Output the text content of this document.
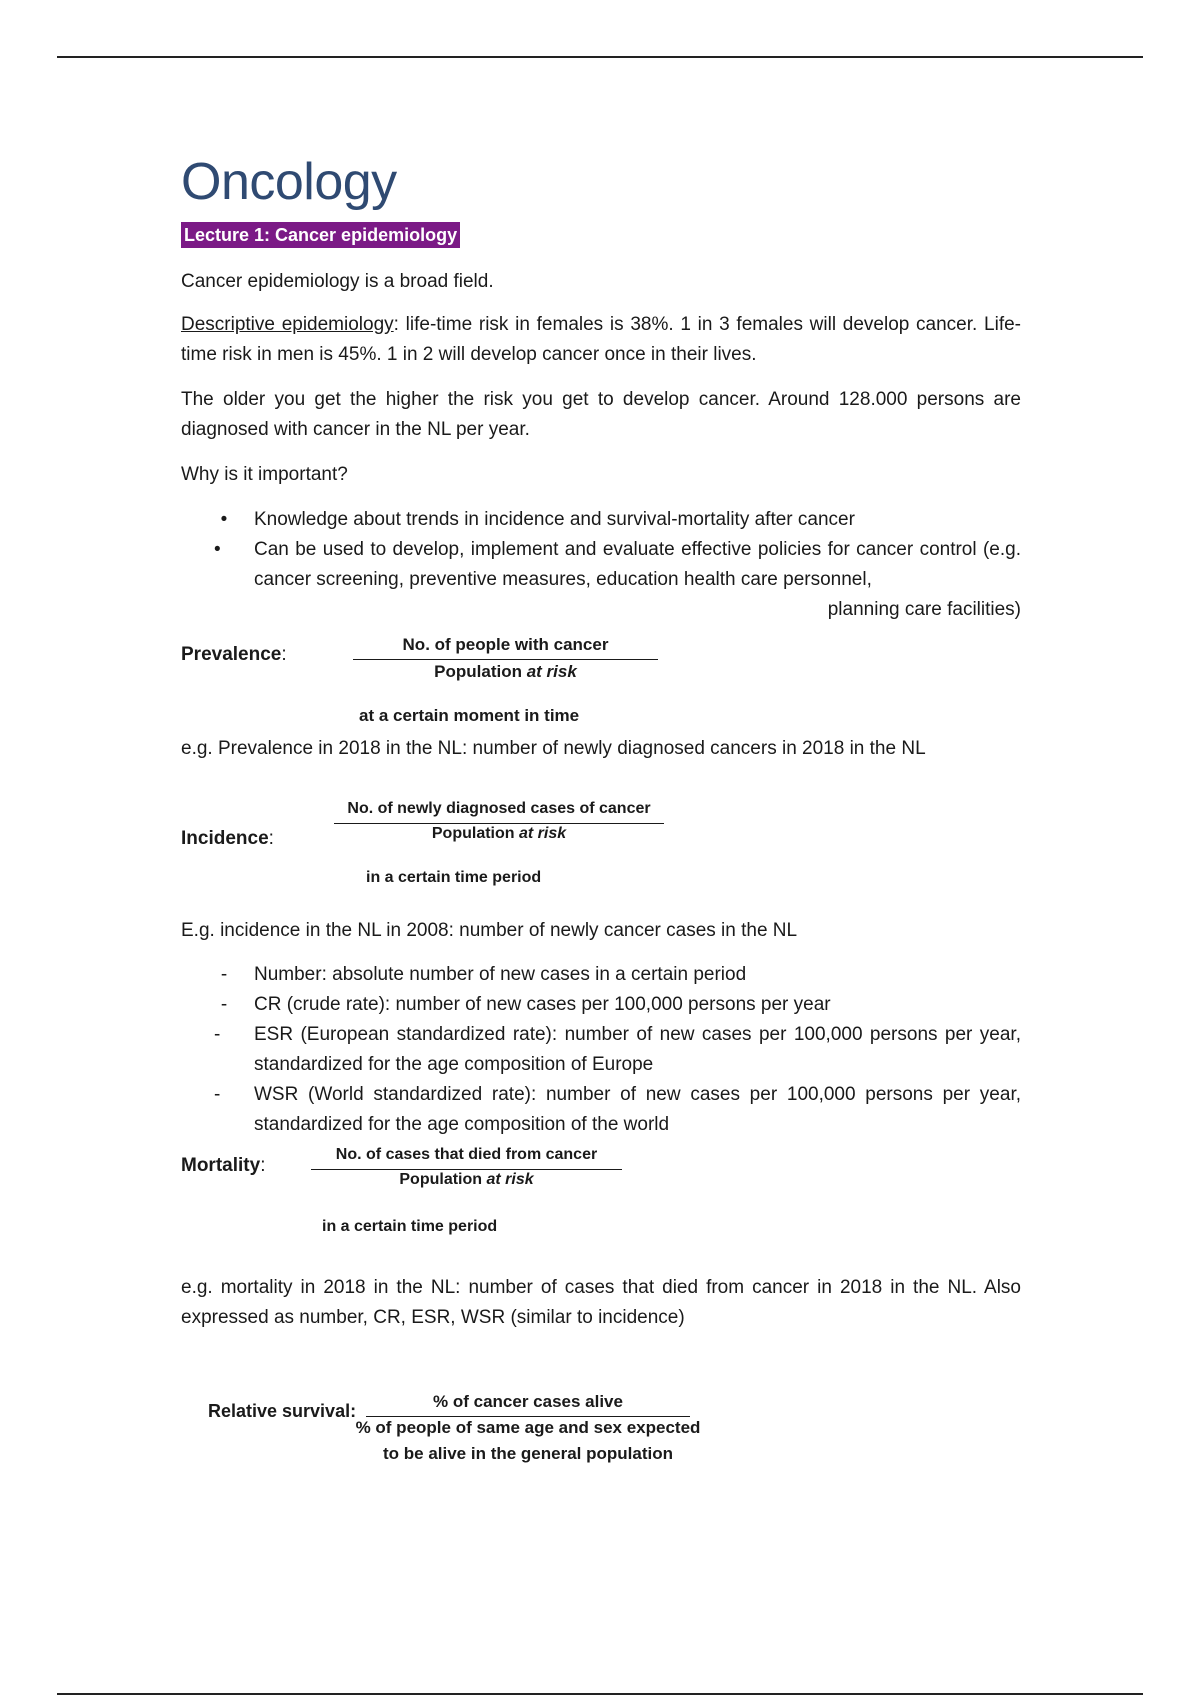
Oncology
Lecture 1: Cancer epidemiology
Cancer epidemiology is a broad field.
Descriptive epidemiology: life-time risk in females is 38%. 1 in 3 females will develop cancer. Life-time risk in men is 45%. 1 in 2 will develop cancer once in their lives.
The older you get the higher the risk you get to develop cancer. Around 128.000 persons are diagnosed with cancer in the NL per year.
Why is it important?
•	Knowledge about trends in incidence and survival-mortality after cancer
•	Can be used to develop, implement and evaluate effective policies for cancer control (e.g. cancer screening, preventive measures, education health care personnel,
planning care facilities)
Prevalence:	No. of people with cancer
Population at risk
at a certain moment in time
e.g. Prevalence in 2018 in the NL: number of newly diagnosed cancers in 2018 in the NL
Incidence:
No. of newly diagnosed cases of cancer
Population at risk
in a certain time period
E.g. incidence in the NL in 2008: number of newly cancer cases in the NL
-	Number: absolute number of new cases in a certain period
-	CR (crude rate): number of new cases per 100,000 persons per year
-	ESR (European standardized rate): number of new cases per 100,000 persons per year, standardized for the age composition of Europe
-	WSR (World standardized rate): number of new cases per 100,000 persons per year, standardized for the age composition of the world
Mortality:
No. of cases that died from cancer
Population at risk
in a certain time period
e.g. mortality in 2018 in the NL: number of cases that died from cancer in 2018 in the NL. Also expressed as number, CR, ESR, WSR (similar to incidence)
Relative survival:	% of cancer cases alive
% of people of same age and sex expected
to be alive in the general population
